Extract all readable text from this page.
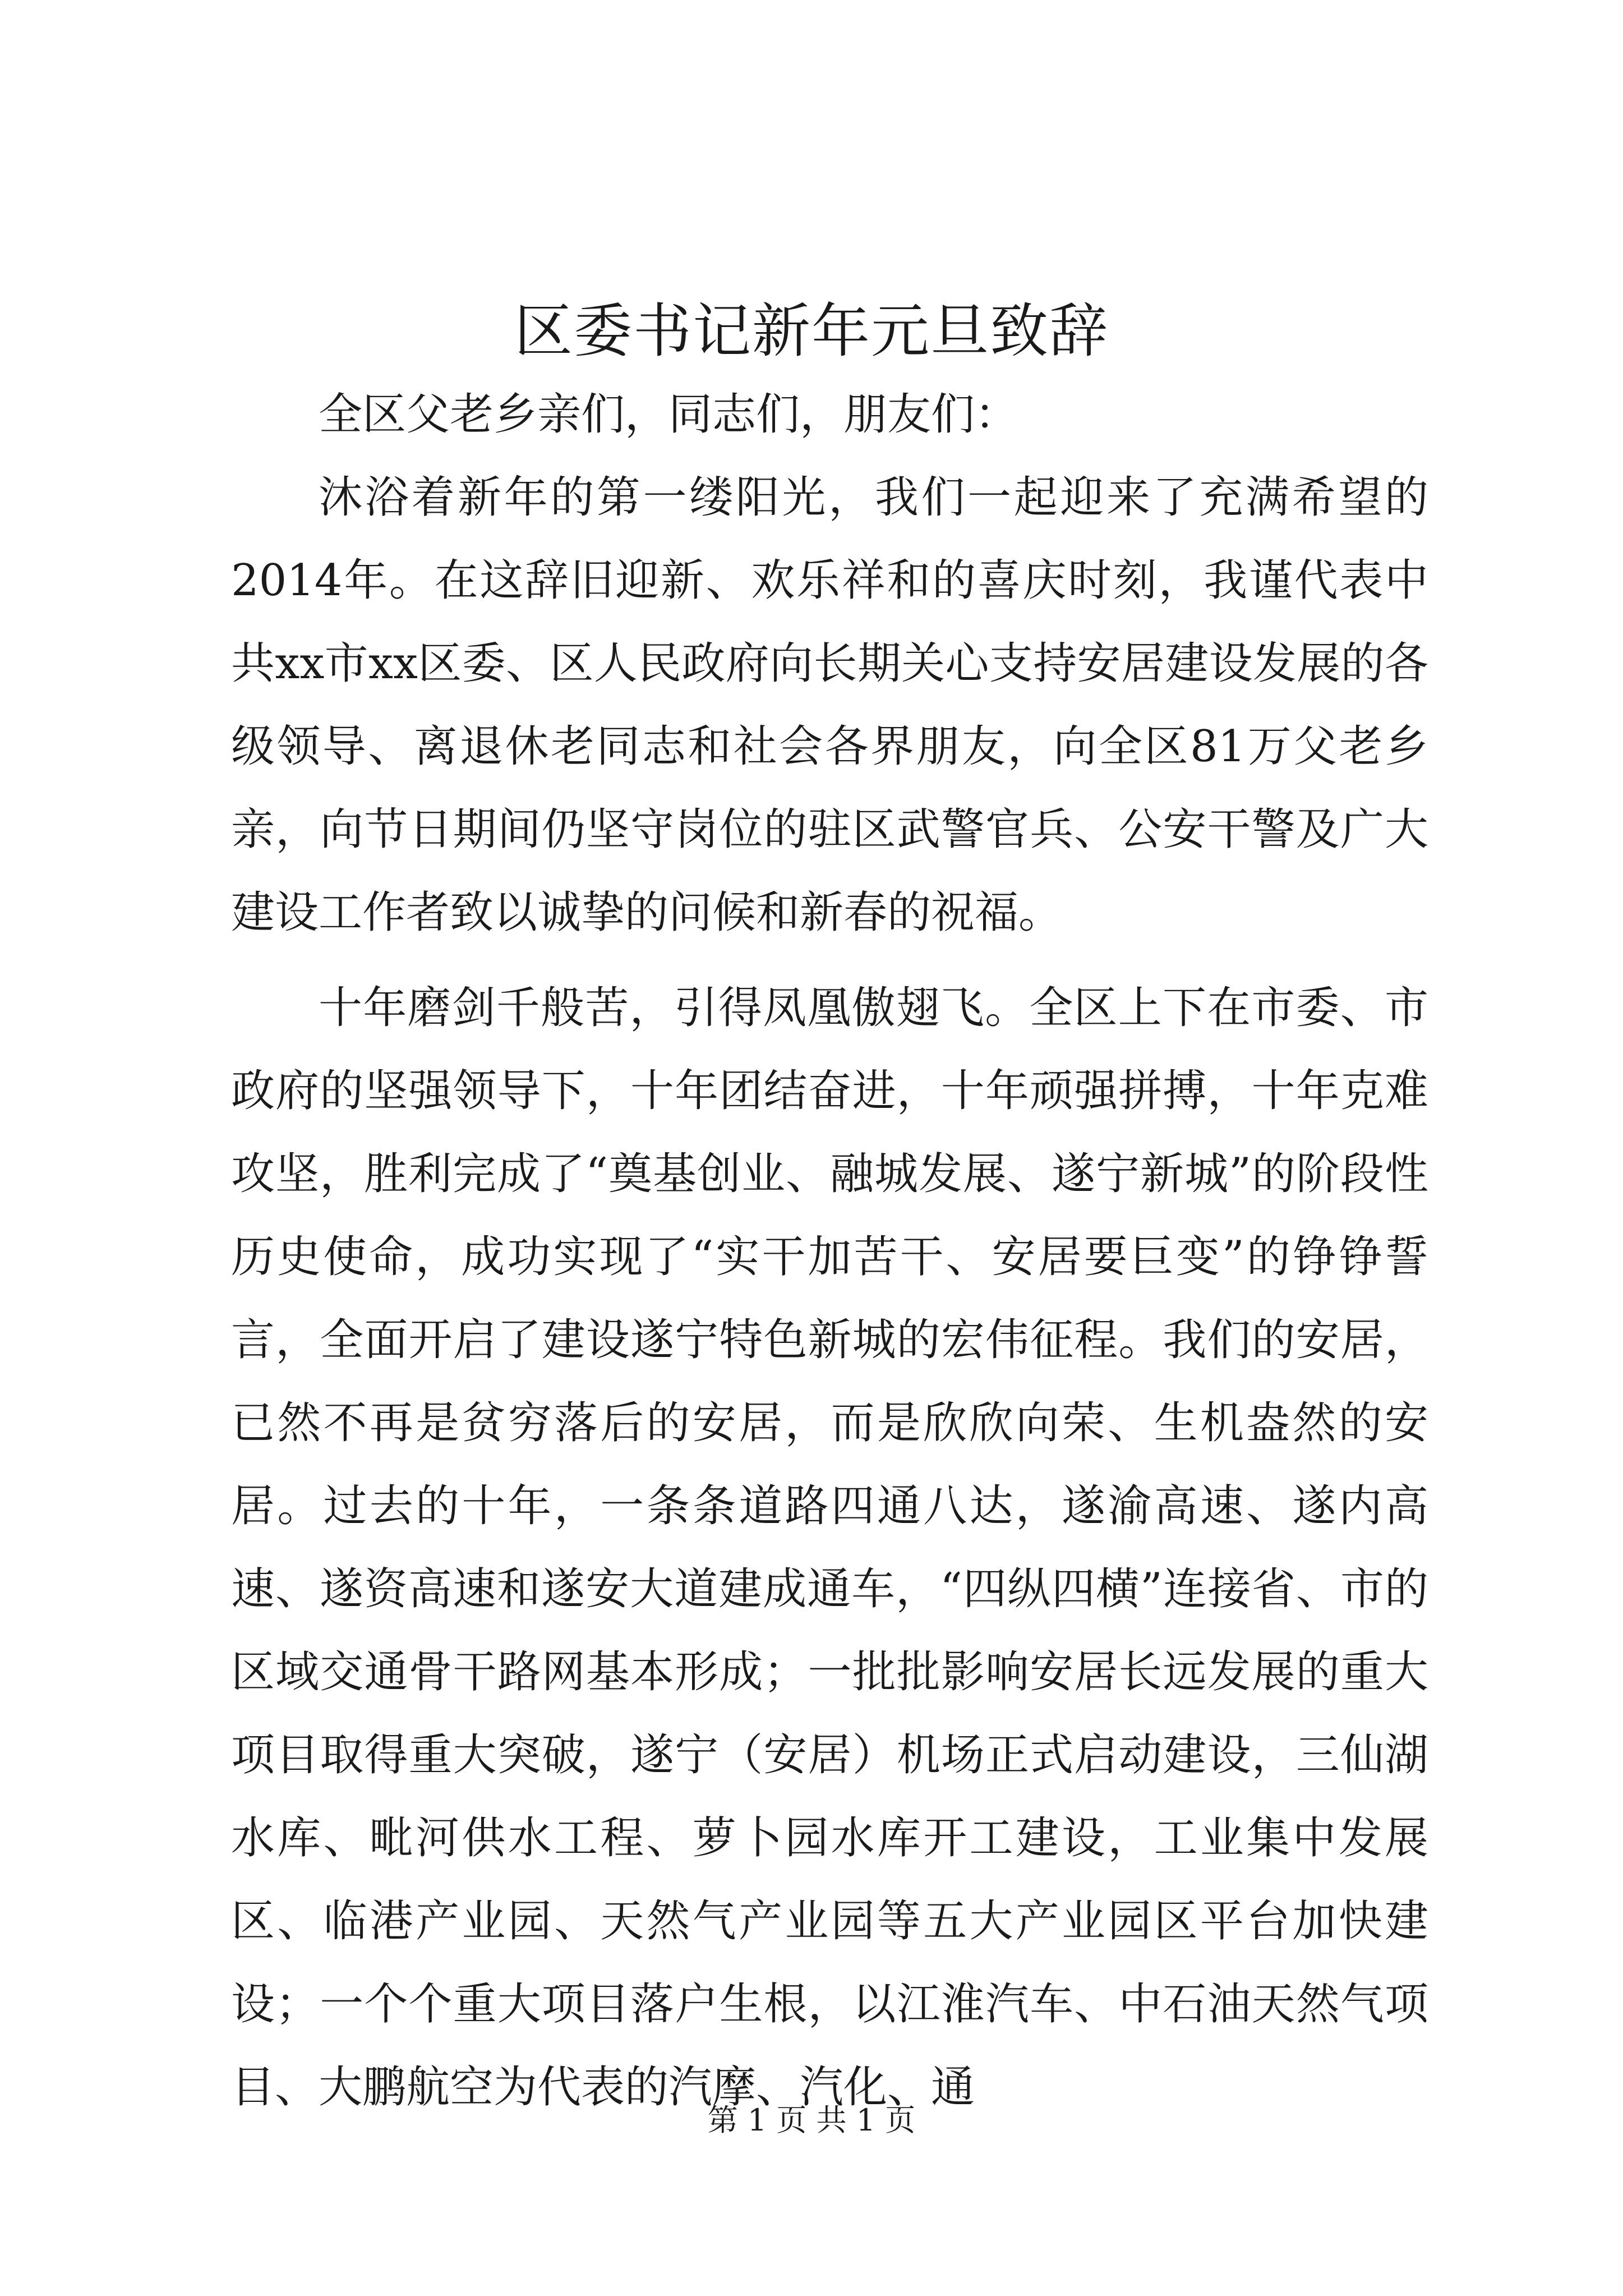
区委书记新年元旦致辞

全区父老乡亲们，同志们，朋友们：

沐浴着新年的第一缕阳光，我们一起迎来了充满希望的2014年。在这辞旧迎新、欢乐祥和的喜庆时刻，我谨代表中共xx市xx区委、区人民政府向长期关心支持安居建设发展的各级领导、离退休老同志和社会各界朋友，向全区81万父老乡亲，向节日期间仍坚守岗位的驻区武警官兵、公安干警及广大建设工作者致以诚挚的问候和新春的祝福。

十年磨剑千般苦，引得凤凰傲翅飞。全区上下在市委、市政府的坚强领导下，十年团结奋进，十年顽强拼搏，十年克难攻坚，胜利完成了“奠基创业、融城发展、遂宁新城”的阶段性历史使命，成功实现了“实干加苦干、安居要巨变”的铮铮誓言，全面开启了建设遂宁特色新城的宏伟征程。我们的安居，已然不再是贫穷落后的安居，而是欣欣向荣、生机盎然的安居。过去的十年，一条条道路四通八达，遂渝高速、遂内高速、遂资高速和遂安大道建成通车，“四纵四横”连接省、市的区域交通骨干路网基本形成；一批批影响安居长远发展的重大项目取得重大突破，遂宁（安居）机场正式启动建设，三仙湖水库、毗河供水工程、萝卜园水库开工建设，工业集中发展区、临港产业园、天然气产业园等五大产业园区平台加快建设；一个个重大项目落户生根，以江淮汽车、中石油天然气项目、大鹏航空为代表的汽摩、汽化、通

第 1 页 共 1 页
